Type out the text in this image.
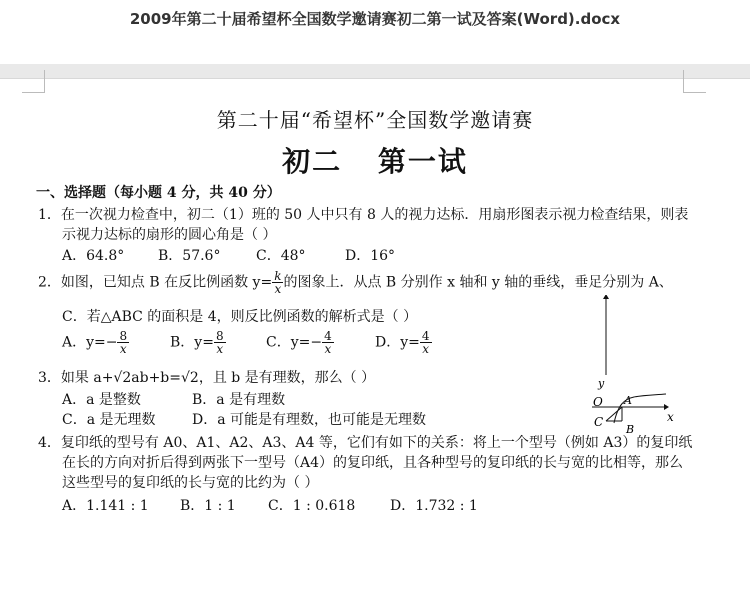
2009年第二十届希望杯全国数学邀请赛初二第一试及答案(Word).docx
第二十届“希望杯”全国数学邀请赛
初二 第一试
一、选择题（每小题 4 分，共 40 分）
1．在一次视力检查中，初二（1）班的 50 人中只有 8 人的视力达标．用扇形图表示视力检查结果，则表
示视力达标的扇形的圆心角是（ ）
A．64.8° B．57.6°	C．48°	D．16°
2．如图，已知点 B 在反比例函数 $y= \frac{k}{x}$ 的图象上．从点 B 分别作 x 轴和 y 轴的垂线，垂足分别为 A、
C．若△ABC 的面积是 4，则反比例函数的解析式是（ ）
A．$y=- \frac{8}{x}$	B．$y= \frac{8}{x}$	C．$y=- \frac{4}{x}$	D．$y= \frac{4}{x}$
y
x
O A
B
C
3．如果 a+√2ab+b=√2，且 b 是有理数，那么（ ）
A．a 是整数	B．a 是有理数
C．a 是无理数	D．a 可能是有理数，也可能是无理数
4．复印纸的型号有 A0、A1、A2、A3、A4 等，它们有如下的关系：将上一个型号（例如 A3）的复印纸
在长的方向对折后得到两张下一型号（A4）的复印纸，且各种型号的复印纸的长与宽的比相等，那么
这些型号的复印纸的长与宽的比约为（ ）
A．1.141 : 1 B．1 : 1 C．1 : 0.618 D．1.732 : 1
